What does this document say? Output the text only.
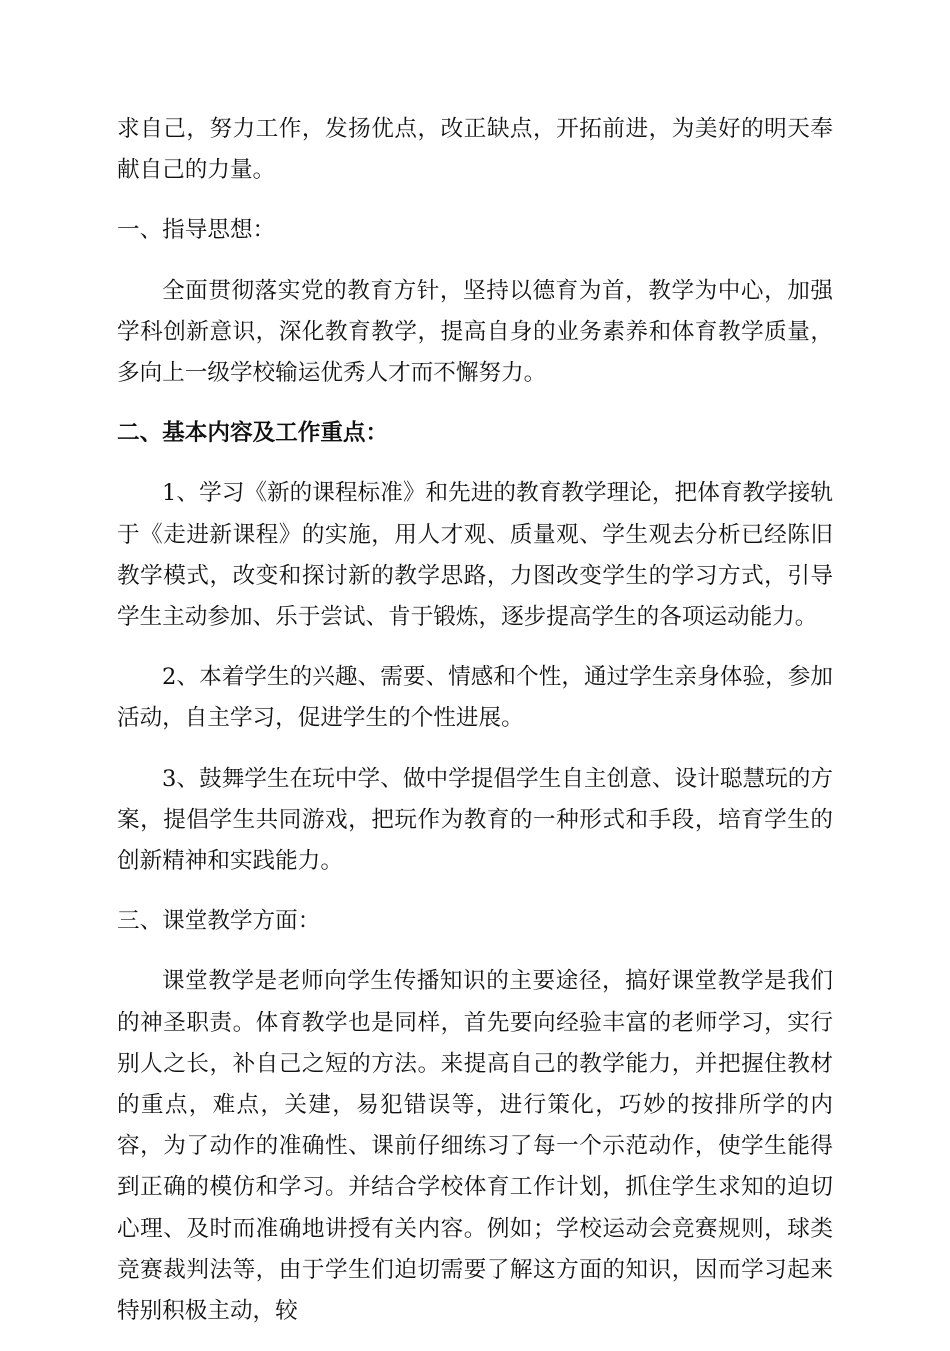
求自己，努力工作，发扬优点，改正缺点，开拓前进，为美好的明天奉献自己的力量。

一、指导思想：

全面贯彻落实党的教育方针，坚持以德育为首，教学为中心，加强学科创新意识，深化教育教学，提高自身的业务素养和体育教学质量，多向上一级学校输运优秀人才而不懈努力。

二、基本内容及工作重点：

1、学习《新的课程标准》和先进的教育教学理论，把体育教学接轨于《走进新课程》的实施，用人才观、质量观、学生观去分析已经陈旧教学模式，改变和探讨新的教学思路，力图改变学生的学习方式，引导学生主动参加、乐于尝试、肯于锻炼，逐步提高学生的各项运动能力。

2、本着学生的兴趣、需要、情感和个性，通过学生亲身体验，参加活动，自主学习，促进学生的个性进展。

3、鼓舞学生在玩中学、做中学提倡学生自主创意、设计聪慧玩的方案，提倡学生共同游戏，把玩作为教育的一种形式和手段，培育学生的创新精神和实践能力。

三、课堂教学方面：

课堂教学是老师向学生传播知识的主要途径，搞好课堂教学是我们的神圣职责。体育教学也是同样，首先要向经验丰富的老师学习，实行别人之长，补自己之短的方法。来提高自己的教学能力，并把握住教材的重点，难点，关建，易犯错误等，进行策化，巧妙的按排所学的内容，为了动作的准确性、课前仔细练习了每一个示范动作，使学生能得到正确的模仿和学习。并结合学校体育工作计划，抓住学生求知的迫切心理、及时而准确地讲授有关内容。例如；学校运动会竞赛规则，球类竞赛裁判法等，由于学生们迫切需要了解这方面的知识，因而学习起来特别积极主动，较
